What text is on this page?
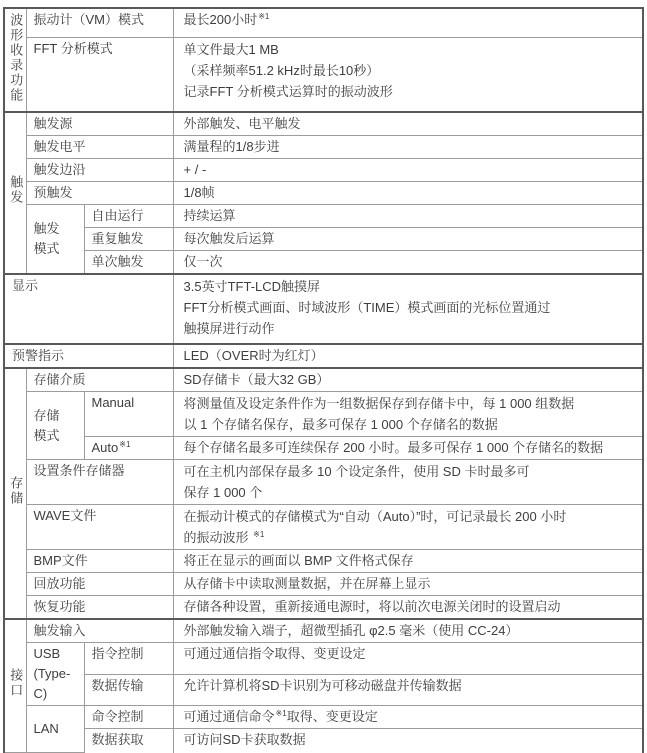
波形收录功能	振动计（VM）模式		最长200小时$^{※1}$
	FFT 分析模式		单文件最大1 MB
（采样频率51.2 kHz时最长10秒）
记录FFT 分析模式运算时的振动波形

触发	触发源		外部触发、电平触发
	触发电平		满量程的1/8步进
	触发边沿		+ / -
	预触发		1/8帧

	触发
模式	自由运行	持续运算
		重复触发	每次触发后运算
		单次触发	仅一次
显示			3.5英寸TFT-LCD触摸屏
FFT分析模式画面、时域波形（TIME）模式画面的光标位置通过
触摸屏进行动作

预警指示			LED（OVER时为红灯）
存储	存储介质		SD存储卡（最大32 GB）

存储
模式
	Manual	将测量值及设定条件作为一组数据保存到存储卡中，每 1 000 组数据
以 1 个存储名保存，最多可保存 1 000 个存储名的数据

		Auto$^{※1}$	每个存储名最多可连续保存 200 小时。最多可保存 1 000 个存储名的数据
	设置条件存储器		可在主机内部保存最多 10 个设定条件，使用 SD 卡时最多可
保存 1 000 个

	WAVE文件		在振动计模式的存储模式为“自动（Auto）”时，可记录最长 200 小时
的振动波形 $^{※1}$

	BMP文件		将正在显示的画面以 BMP 文件格式保存
	回放功能		从存储卡中读取测量数据，并在屏幕上显示
	恢复功能		存储各种设置，重新接通电源时，将以前次电源关闭时的设置启动
接口	触发输入		外部触发输入端子，超微型插孔 φ2.5 毫米（使用 CC-24）

	USB
(Type-C)	指令控制	可通过通信指令取得、变更设定
		数据传输	允许计算机将SD卡识别为可移动磁盘并传输数据

	LAN	命令控制	可通过通信命令$^{※1}$取得、变更设定
		数据获取	可访问SD卡获取数据
